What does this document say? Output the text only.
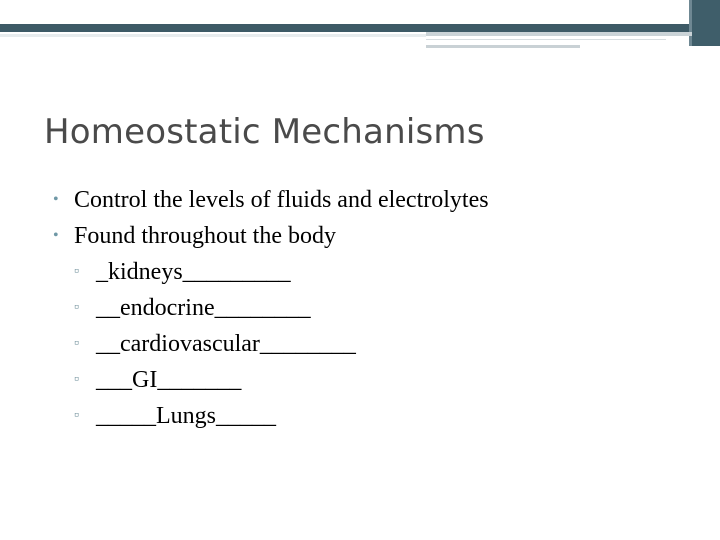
Homeostatic Mechanisms
• Control the levels of fluids and electrolytes
• Found throughout the body
▫ _kidneys_________
▫ __endocrine________
▫ __cardiovascular________
▫ ___GI_______
▫ _____Lungs_____
